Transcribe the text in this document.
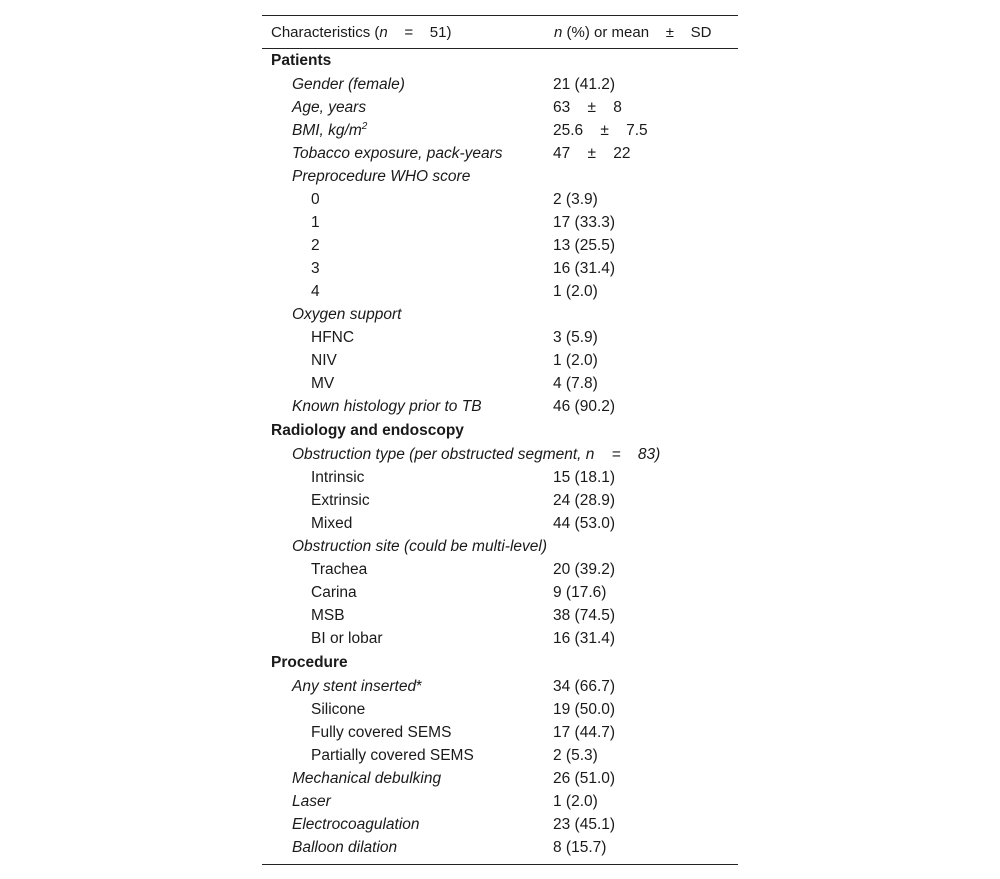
Characteristics (n    =    51)	n (%) or mean    ±    SD
Patients
Gender (female)	21 (41.2)
Age, years	63    ±    8
BMI, $kg/m^2$	25.6    ±    7.5
Tobacco exposure, pack-years	47    ±    22
Preprocedure WHO score
0	2 (3.9)
1	17 (33.3)
2	13 (25.5)
3	16 (31.4)
4	1 (2.0)
Oxygen support
HFNC	3 (5.9)
NIV	1 (2.0)
MV	4 (7.8)
Known histology prior to TB	46 (90.2)
Radiology and endoscopy
Obstruction type (per obstructed segment, n    =    83)
Intrinsic	15 (18.1)
Extrinsic	24 (28.9)
Mixed	44 (53.0)
Obstruction site (could be multi-level)
Trachea	20 (39.2)
Carina	9 (17.6)
MSB	38 (74.5)
BI or lobar	16 (31.4)
Procedure
Any stent inserted*	34 (66.7)
Silicone	19 (50.0)
Fully covered SEMS	17 (44.7)
Partially covered SEMS	2 (5.3)
Mechanical debulking	26 (51.0)
Laser	1 (2.0)
Electrocoagulation	23 (45.1)
Balloon dilation	8 (15.7)
